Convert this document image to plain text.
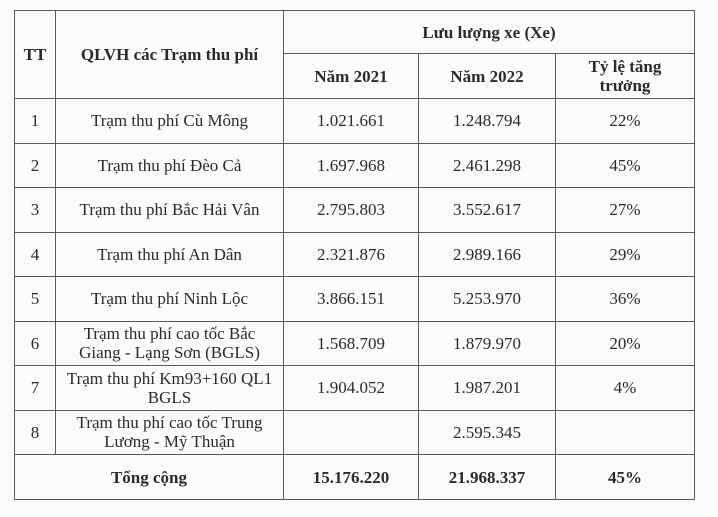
TT	QLVH các Trạm thu phí	Lưu lượng xe (Xe)		
		Năm 2021	Năm 2022	Tỷ lệ tăng trưởng
1	Trạm thu phí Cù Mông	1.021.661	1.248.794	22%
2	Trạm thu phí Đèo Cả	1.697.968	2.461.298	45%
3	Trạm thu phí Bắc Hải Vân	2.795.803	3.552.617	27%
4	Trạm thu phí An Dân	2.321.876	2.989.166	29%
5	Trạm thu phí Ninh Lộc	3.866.151	5.253.970	36%
6	Trạm thu phí cao tốc Bắc Giang - Lạng Sơn (BGLS)	1.568.709	1.879.970	20%
7	Trạm thu phí Km93+160 QL1 BGLS	1.904.052	1.987.201	4%
8	Trạm thu phí cao tốc Trung Lương - Mỹ Thuận		2.595.345	
Tổng cộng		15.176.220	21.968.337	45%
